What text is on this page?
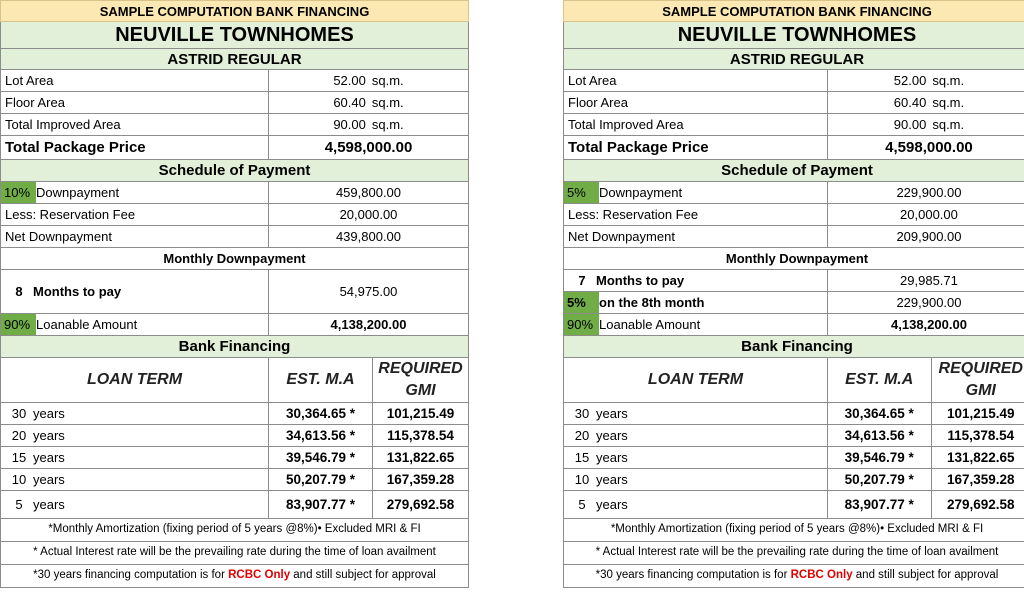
SAMPLE COMPUTATION BANK FINANCING		
NEUVILLE TOWNHOMES		
ASTRID REGULAR		
Lot Area	52.00 sq.m.	
Floor Area	60.40 sq.m.	
Total Improved Area	90.00 sq.m.	
Total Package Price	4,598,000.00	
Schedule of Payment		
10% Downpayment	459,800.00	
Less: Reservation Fee	20,000.00	
Net Downpayment	439,800.00	
Monthly Downpayment		
8 Months to pay	54,975.00	
90% Loanable Amount	4,138,200.00	
Bank Financing		
LOAN TERM	EST. M.A	REQUIRED GMI
30 years	30,364.65 *	101,215.49
20 years	34,613.56 *	115,378.54
15 years	39,546.79 *	131,822.65
10 years	50,207.79 *	167,359.28
5 years	83,907.77 *	279,692.58
*Monthly Amortization (fixing period of 5 years @8%)• Excluded MRI & FI		
* Actual Interest rate will be the prevailing rate during the time of loan availment		
*30 years financing computation is for RCBC Only and still subject for approval		
SAMPLE COMPUTATION BANK FINANCING		
NEUVILLE TOWNHOMES		
ASTRID REGULAR		
Lot Area	52.00 sq.m.	
Floor Area	60.40 sq.m.	
Total Improved Area	90.00 sq.m.	
Total Package Price	4,598,000.00	
Schedule of Payment		
5% Downpayment	229,900.00	
Less: Reservation Fee	20,000.00	
Net Downpayment	209,900.00	
Monthly Downpayment		
7 Months to pay	29,985.71	
5% on the 8th month	229,900.00	
90% Loanable Amount	4,138,200.00	
Bank Financing		
LOAN TERM	EST. M.A	REQUIRED GMI
30 years	30,364.65 *	101,215.49
20 years	34,613.56 *	115,378.54
15 years	39,546.79 *	131,822.65
10 years	50,207.79 *	167,359.28
5 years	83,907.77 *	279,692.58
*Monthly Amortization (fixing period of 5 years @8%)• Excluded MRI & FI		
* Actual Interest rate will be the prevailing rate during the time of loan availment		
*30 years financing computation is for RCBC Only and still subject for approval		
